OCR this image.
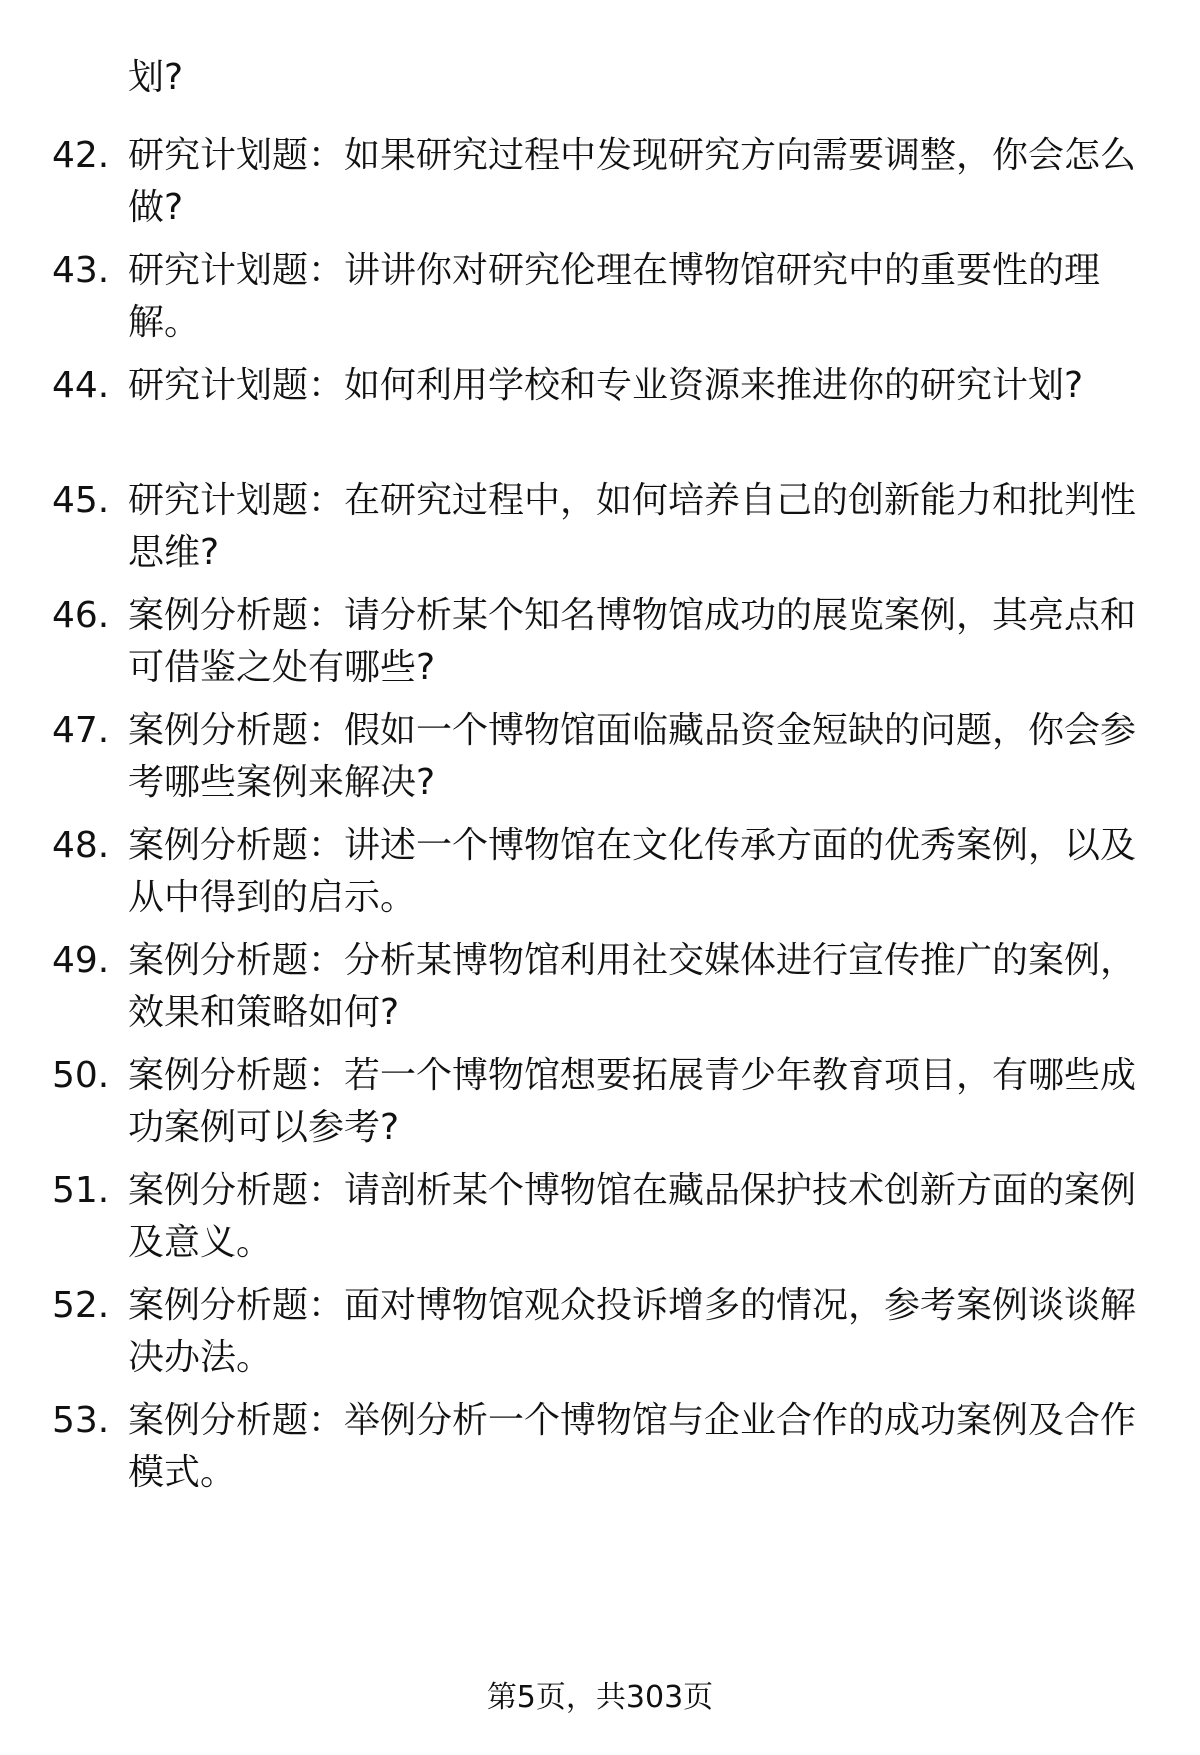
划?
42. 研究计划题：如果研究过程中发现研究方向需要调整，你会怎么做?
43. 研究计划题：讲讲你对研究伦理在博物馆研究中的重要性的理解。
44. 研究计划题：如何利用学校和专业资源来推进你的研究计划?
45. 研究计划题：在研究过程中，如何培养自己的创新能力和批判性思维?
46. 案例分析题：请分析某个知名博物馆成功的展览案例，其亮点和可借鉴之处有哪些?
47. 案例分析题：假如一个博物馆面临藏品资金短缺的问题，你会参考哪些案例来解决?
48. 案例分析题：讲述一个博物馆在文化传承方面的优秀案例，以及从中得到的启示。
49. 案例分析题：分析某博物馆利用社交媒体进行宣传推广的案例，效果和策略如何?
50. 案例分析题：若一个博物馆想要拓展青少年教育项目，有哪些成功案例可以参考?
51. 案例分析题：请剖析某个博物馆在藏品保护技术创新方面的案例及意义。
52. 案例分析题：面对博物馆观众投诉增多的情况，参考案例谈谈解决办法。
53. 案例分析题：举例分析一个博物馆与企业合作的成功案例及合作模式。
第5页，共303页
